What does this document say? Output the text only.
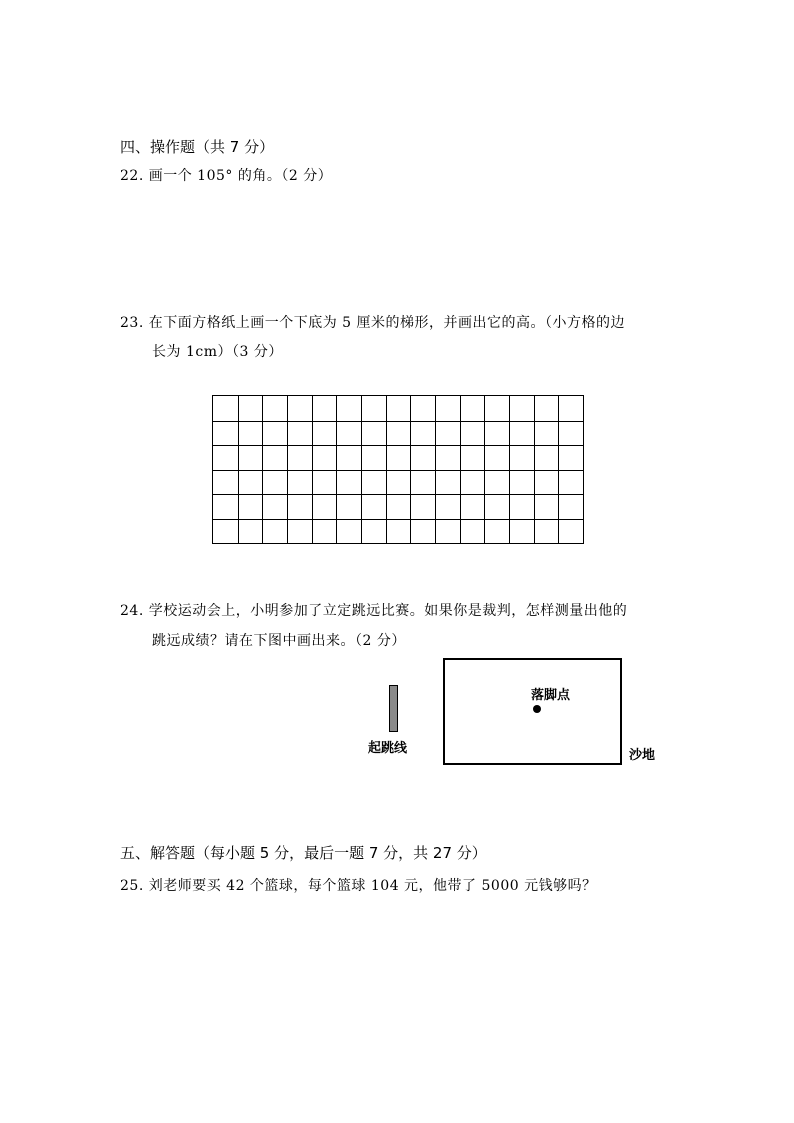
四、操作题（共 7 分）
22. 画一个 105° 的角。（2 分）
23. 在下面方格纸上画一个下底为 5 厘米的梯形，并画出它的高。（小方格的边
长为 1cm）（3 分）
24. 学校运动会上，小明参加了立定跳远比赛。如果你是裁判，怎样测量出他的
跳远成绩？请在下图中画出来。（2 分）
起跳线
落脚点
沙地
五、解答题（每小题 5 分，最后一题 7 分，共 27 分）
25. 刘老师要买 42 个篮球，每个篮球 104 元，他带了 5000 元钱够吗？
